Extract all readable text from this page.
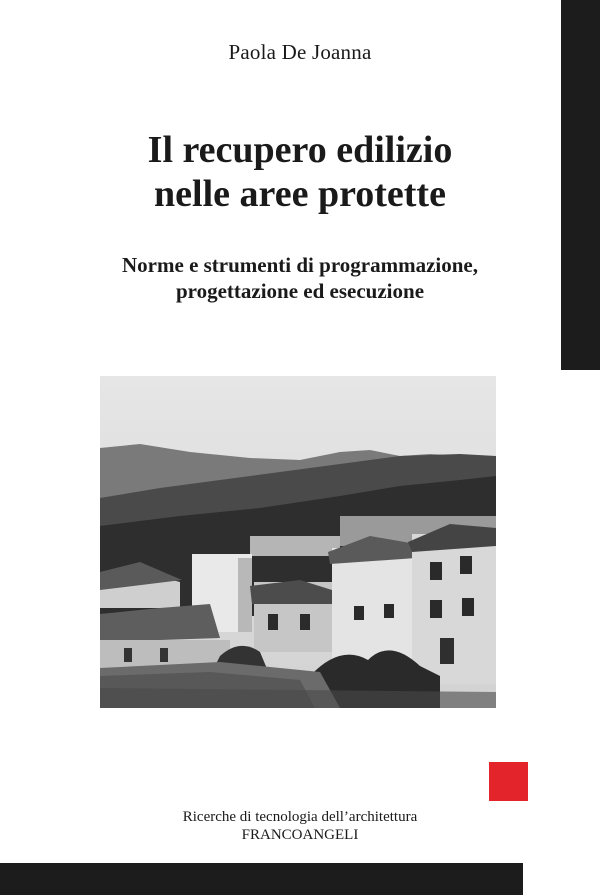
Paola De Joanna
Il recupero edilizio
nelle aree protette
Norme e strumenti di programmazione,
progettazione ed esecuzione
Ricerche di tecnologia dell’architettura
FRANCOANGELI
